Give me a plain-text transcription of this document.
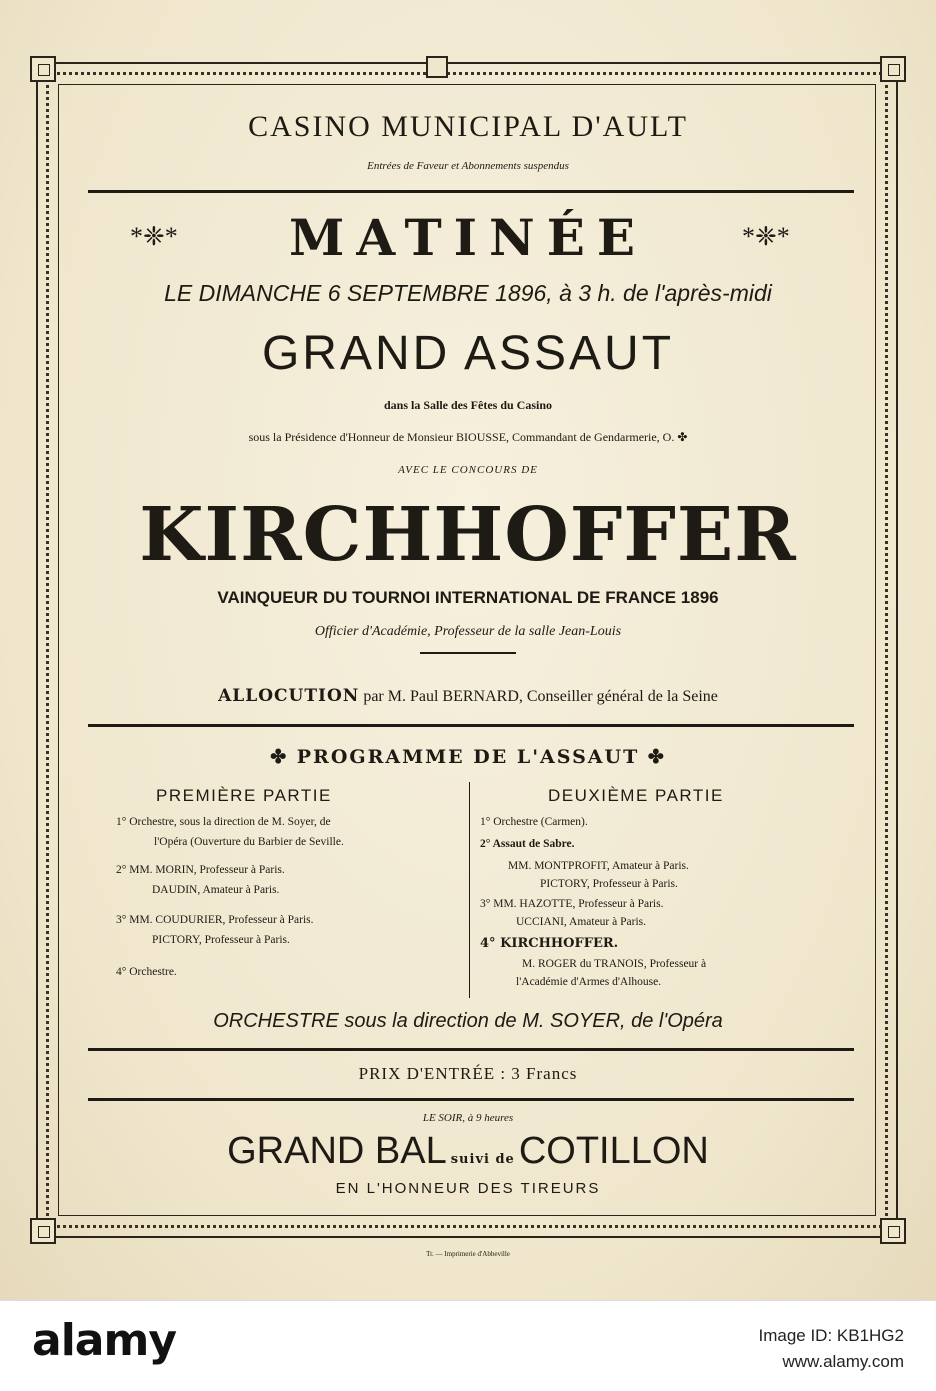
CASINO MUNICIPAL D'AULT
Entrées de Faveur et Abonnements suspendus
MATINÉE
*❈*	*❈*
LE DIMANCHE 6 SEPTEMBRE 1896, à 3 h. de l'après-midi
GRAND ASSAUT
dans la Salle des Fêtes du Casino
sous la Présidence d'Honneur de Monsieur BIOUSSE, Commandant de Gendarmerie, O. ✤
AVEC LE CONCOURS DE
KIRCHHOFFER
VAINQUEUR DU TOURNOI INTERNATIONAL DE FRANCE 1896
Officier d'Académie, Professeur de la salle Jean-Louis
ALLOCUTION par M. Paul BERNARD, Conseiller général de la Seine
✤ PROGRAMME DE L'ASSAUT ✤
PREMIÈRE PARTIE	DEUXIÈME PARTIE
1° Orchestre, sous la direction de M. Soyer, de
l'Opéra (Ouverture du Barbier de Seville.
2° MM. MORIN, Professeur à Paris.
DAUDIN, Amateur à Paris.
3° MM. COUDURIER, Professeur à Paris.
PICTORY, Professeur à Paris.
4° Orchestre.
1° Orchestre (Carmen).
2° Assaut de Sabre.
MM. MONTPROFIT, Amateur à Paris.
PICTORY, Professeur à Paris.
3° MM. HAZOTTE, Professeur à Paris.
UCCIANI, Amateur à Paris.
4° KIRCHHOFFER.
M. ROGER du TRANOIS, Professeur à
l'Académie d'Armes d'Alhouse.
ORCHESTRE sous la direction de M. SOYER, de l'Opéra
PRIX D'ENTRÉE : 3 Francs
LE SOIR, à 9 heures
GRAND BAL suivi de COTILLON
EN L'HONNEUR DES TIREURS
Tr. — Imprimerie d'Abbeville
alamy	Image ID: KB1HG2
www.alamy.com
